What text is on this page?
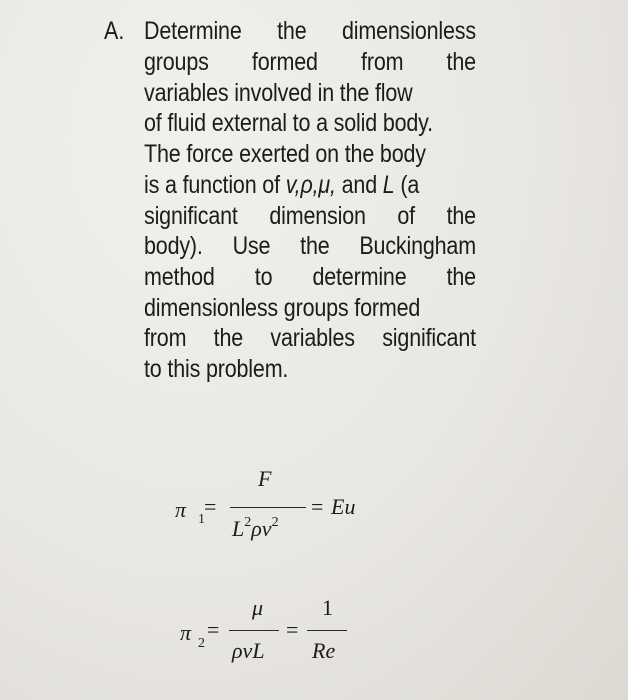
A. Determine the dimensionless
groups formed from the
variables involved in the flow
of fluid external to a solid body.
The force exerted on the body
is a function of v,ρ,μ, and L (a
significant dimension of the
body). Use the Buckingham
method to determine the
dimensionless groups formed
from the variables significant
to this problem.
π 1
=
F
$L^2\rho v^2$
= Eu
π 2
=
μ
ρvL
=
1
Re
